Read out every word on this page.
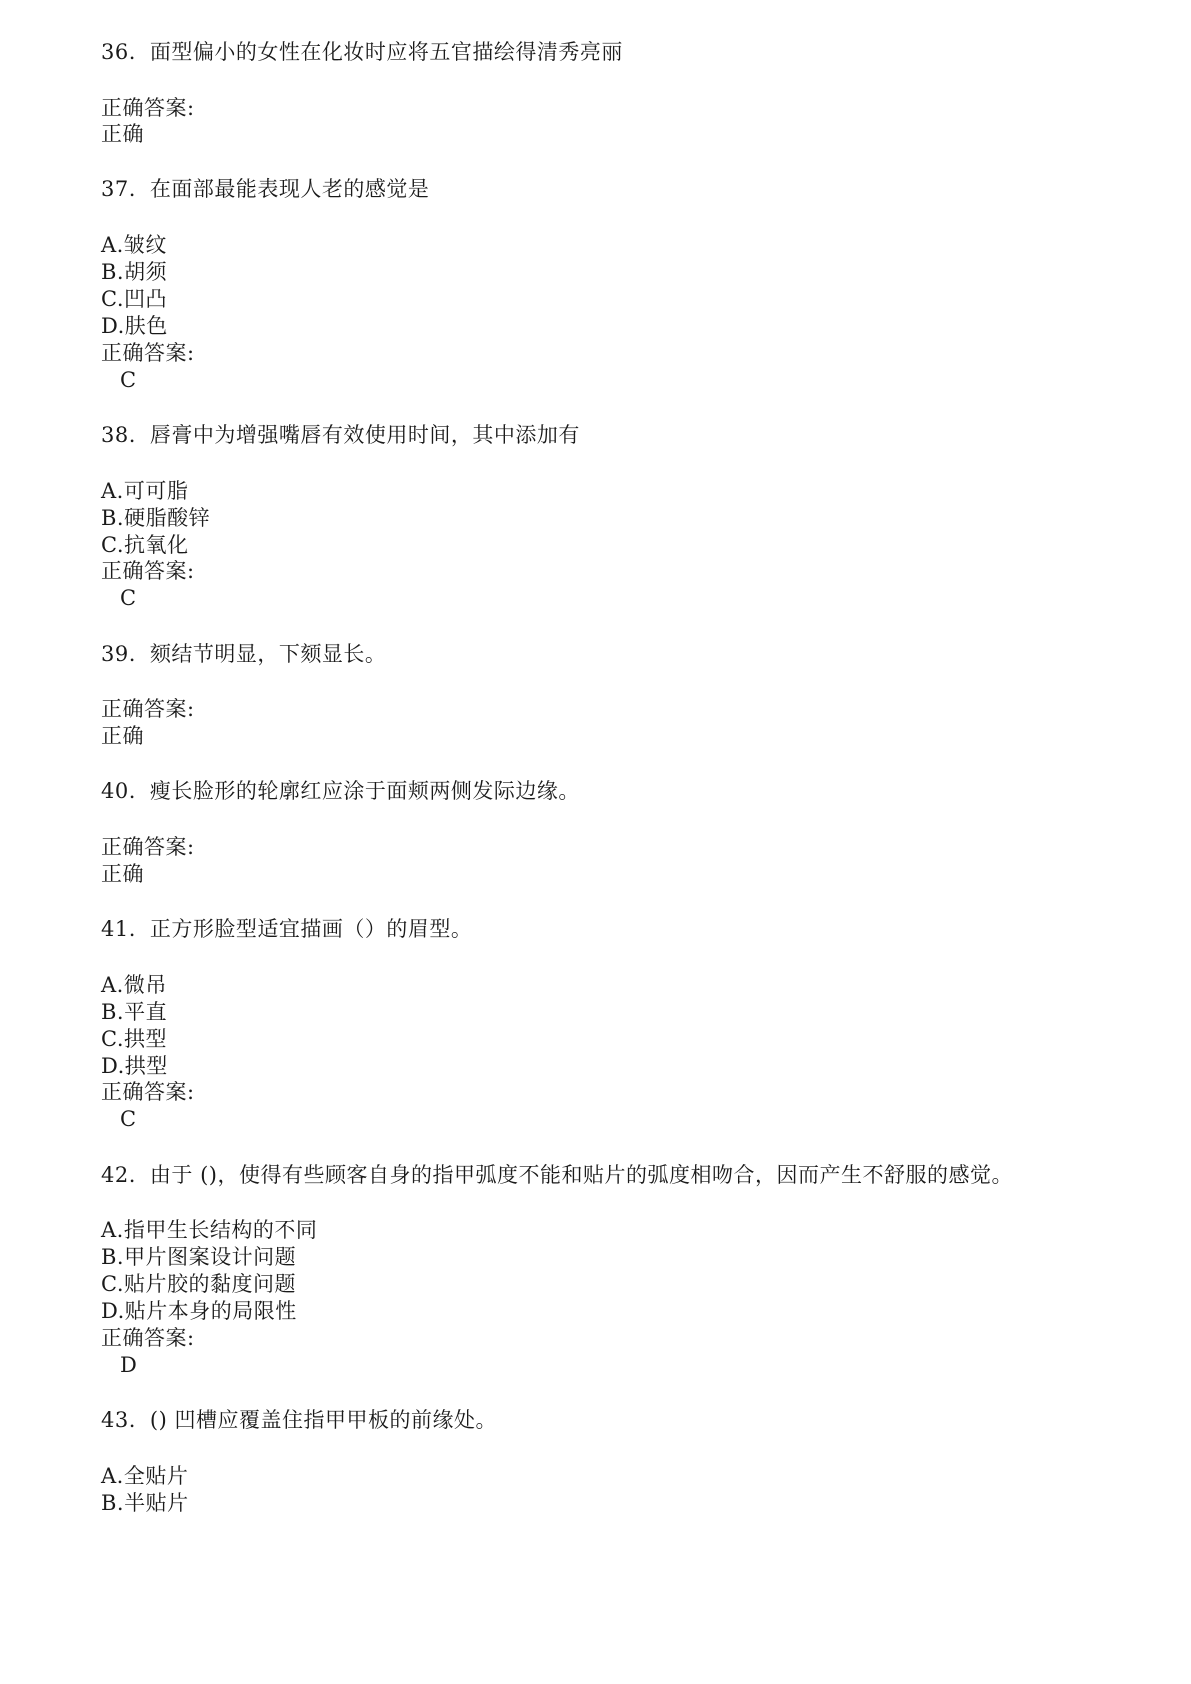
36. 面型偏小的女性在化妆时应将五官描绘得清秀亮丽
正确答案:
正确
37. 在面部最能表现人老的感觉是
A.皱纹
B.胡须
C.凹凸
D.肤色
正确答案:
C
38. 唇膏中为增强嘴唇有效使用时间，其中添加有
A.可可脂
B.硬脂酸锌
C.抗氧化
正确答案:
C
39. 颏结节明显，下颏显长。
正确答案:
正确
40. 瘦长脸形的轮廓红应涂于面颊两侧发际边缘。
正确答案:
正确
41. 正方形脸型适宜描画（）的眉型。
A.微吊
B.平直
C.拱型
D.拱型
正确答案:
C
42. 由于 ()，使得有些顾客自身的指甲弧度不能和贴片的弧度相吻合，因而产生不舒服的感觉。
A.指甲生长结构的不同
B.甲片图案设计问题
C.贴片胶的黏度问题
D.贴片本身的局限性
正确答案:
D
43. () 凹槽应覆盖住指甲甲板的前缘处。
A.全贴片
B.半贴片
